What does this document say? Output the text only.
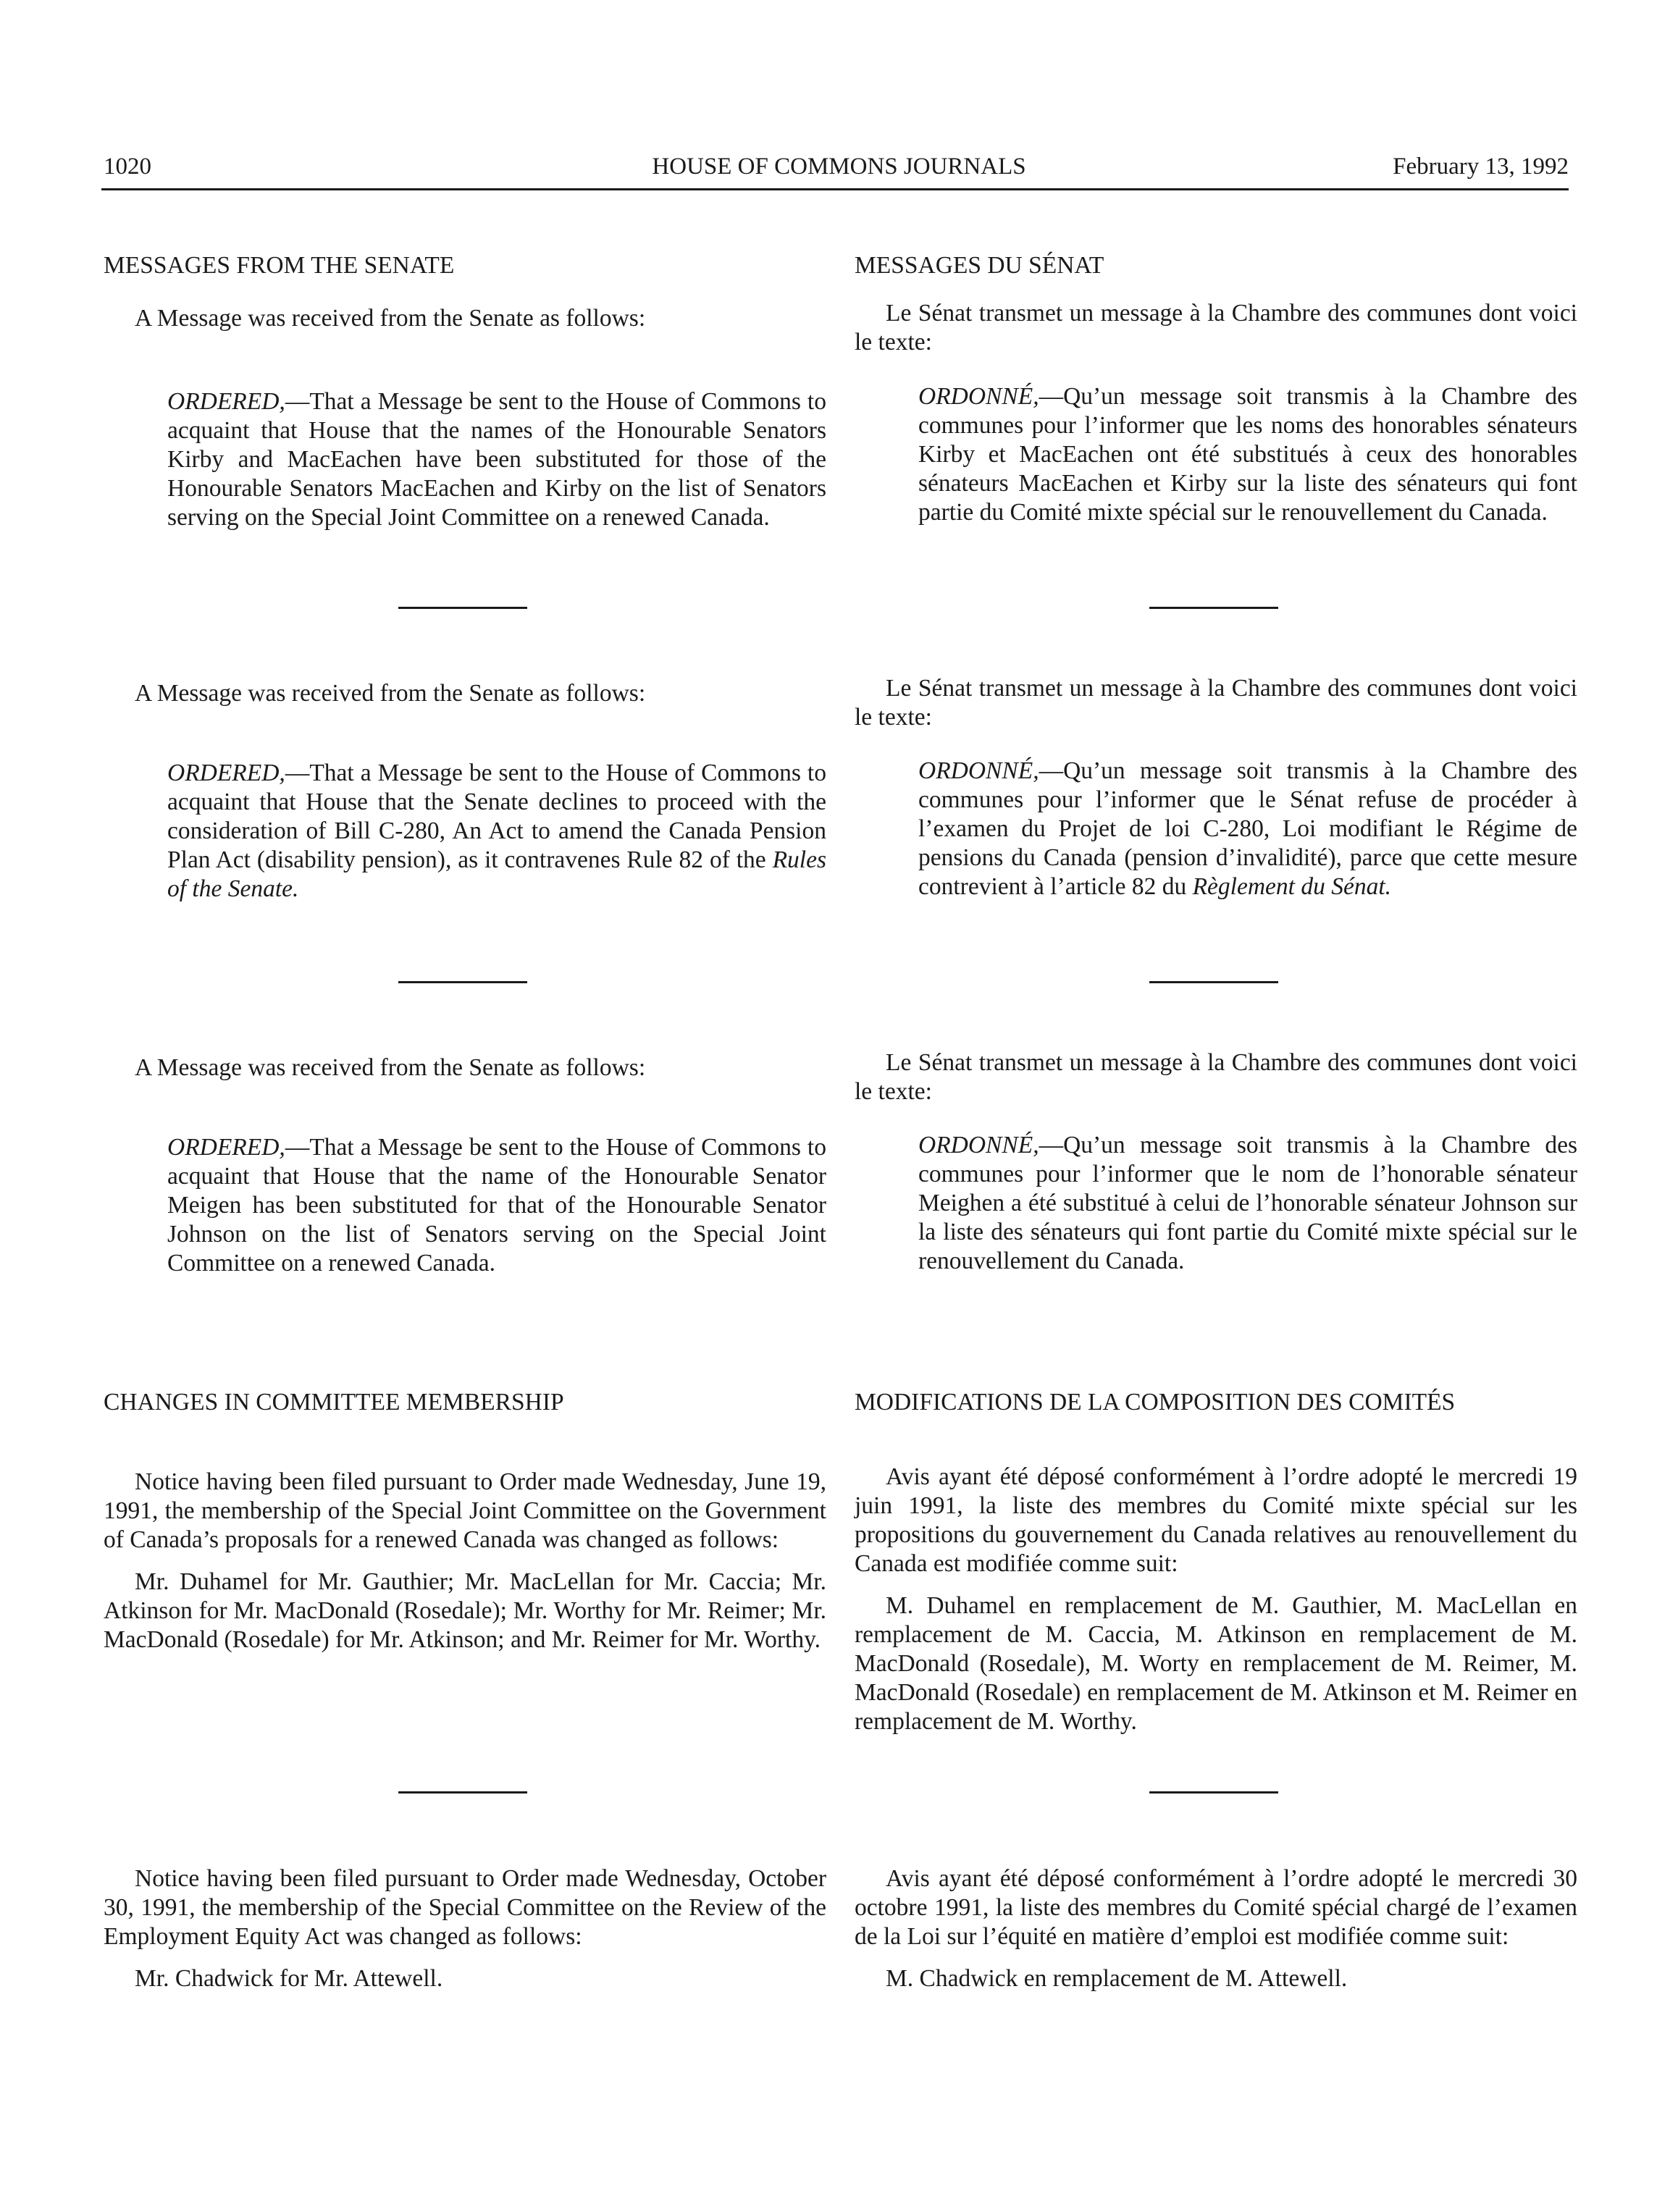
1020	HOUSE OF COMMONS JOURNALS	February 13, 1992
MESSAGES FROM THE SENATE	MESSAGES DU SÉNAT

A Message was received from the Senate as follows:

ORDERED,—That a Message be sent to the House of Commons to acquaint that House that the names of the Honourable Senators Kirby and MacEachen have been substituted for those of the Honourable Senators MacEachen and Kirby on the list of Senators serving on the Special Joint Committee on a renewed Canada.

Le Sénat transmet un message à la Chambre des communes dont voici le texte:

ORDONNÉ,—Qu’un message soit transmis à la Chambre des communes pour l’informer que les noms des honorables sénateurs Kirby et MacEachen ont été substitués à ceux des honorables sénateurs MacEachen et Kirby sur la liste des sénateurs qui font partie du Comité mixte spécial sur le renouvellement du Canada.

A Message was received from the Senate as follows:

ORDERED,—That a Message be sent to the House of Commons to acquaint that House that the Senate declines to proceed with the consideration of Bill C-280, An Act to amend the Canada Pension Plan Act (disability pension), as it contravenes Rule 82 of the Rules of the Senate.

Le Sénat transmet un message à la Chambre des communes dont voici le texte:

ORDONNÉ,—Qu’un message soit transmis à la Chambre des communes pour l’informer que le Sénat refuse de procéder à l’examen du Projet de loi C-280, Loi modifiant le Régime de pensions du Canada (pension d’invalidité), parce que cette mesure contrevient à l’article 82 du Règlement du Sénat.

A Message was received from the Senate as follows:

ORDERED,—That a Message be sent to the House of Commons to acquaint that House that the name of the Honourable Senator Meigen has been substituted for that of the Honourable Senator Johnson on the list of Senators serving on the Special Joint Committee on a renewed Canada.

Le Sénat transmet un message à la Chambre des communes dont voici le texte:

ORDONNÉ,—Qu’un message soit transmis à la Chambre des communes pour l’informer que le nom de l’honorable sénateur Meighen a été substitué à celui de l’honorable sénateur Johnson sur la liste des sénateurs qui font partie du Comité mixte spécial sur le renouvellement du Canada.

CHANGES IN COMMITTEE MEMBERSHIP	MODIFICATIONS DE LA COMPOSITION DES COMITÉS

Notice having been filed pursuant to Order made Wednesday, June 19, 1991, the membership of the Special Joint Committee on the Government of Canada’s proposals for a renewed Canada was changed as follows:

Mr. Duhamel for Mr. Gauthier; Mr. MacLellan for Mr. Caccia; Mr. Atkinson for Mr. MacDonald (Rosedale); Mr. Worthy for Mr. Reimer; Mr. MacDonald (Rosedale) for Mr. Atkinson; and Mr. Reimer for Mr. Worthy.

Avis ayant été déposé conformément à l’ordre adopté le mercredi 19 juin 1991, la liste des membres du Comité mixte spécial sur les propositions du gouvernement du Canada relatives au renouvellement du Canada est modifiée comme suit:

M. Duhamel en remplacement de M. Gauthier, M. MacLellan en remplacement de M. Caccia, M. Atkinson en remplacement de M. MacDonald (Rosedale), M. Worty en remplacement de M. Reimer, M. MacDonald (Rosedale) en remplacement de M. Atkinson et M. Reimer en remplacement de M. Worthy.

Notice having been filed pursuant to Order made Wednesday, October 30, 1991, the membership of the Special Committee on the Review of the Employment Equity Act was changed as follows:

Mr. Chadwick for Mr. Attewell.

Avis ayant été déposé conformément à l’ordre adopté le mercredi 30 octobre 1991, la liste des membres du Comité spécial chargé de l’examen de la Loi sur l’équité en matière d’emploi est modifiée comme suit:

M. Chadwick en remplacement de M. Attewell.
